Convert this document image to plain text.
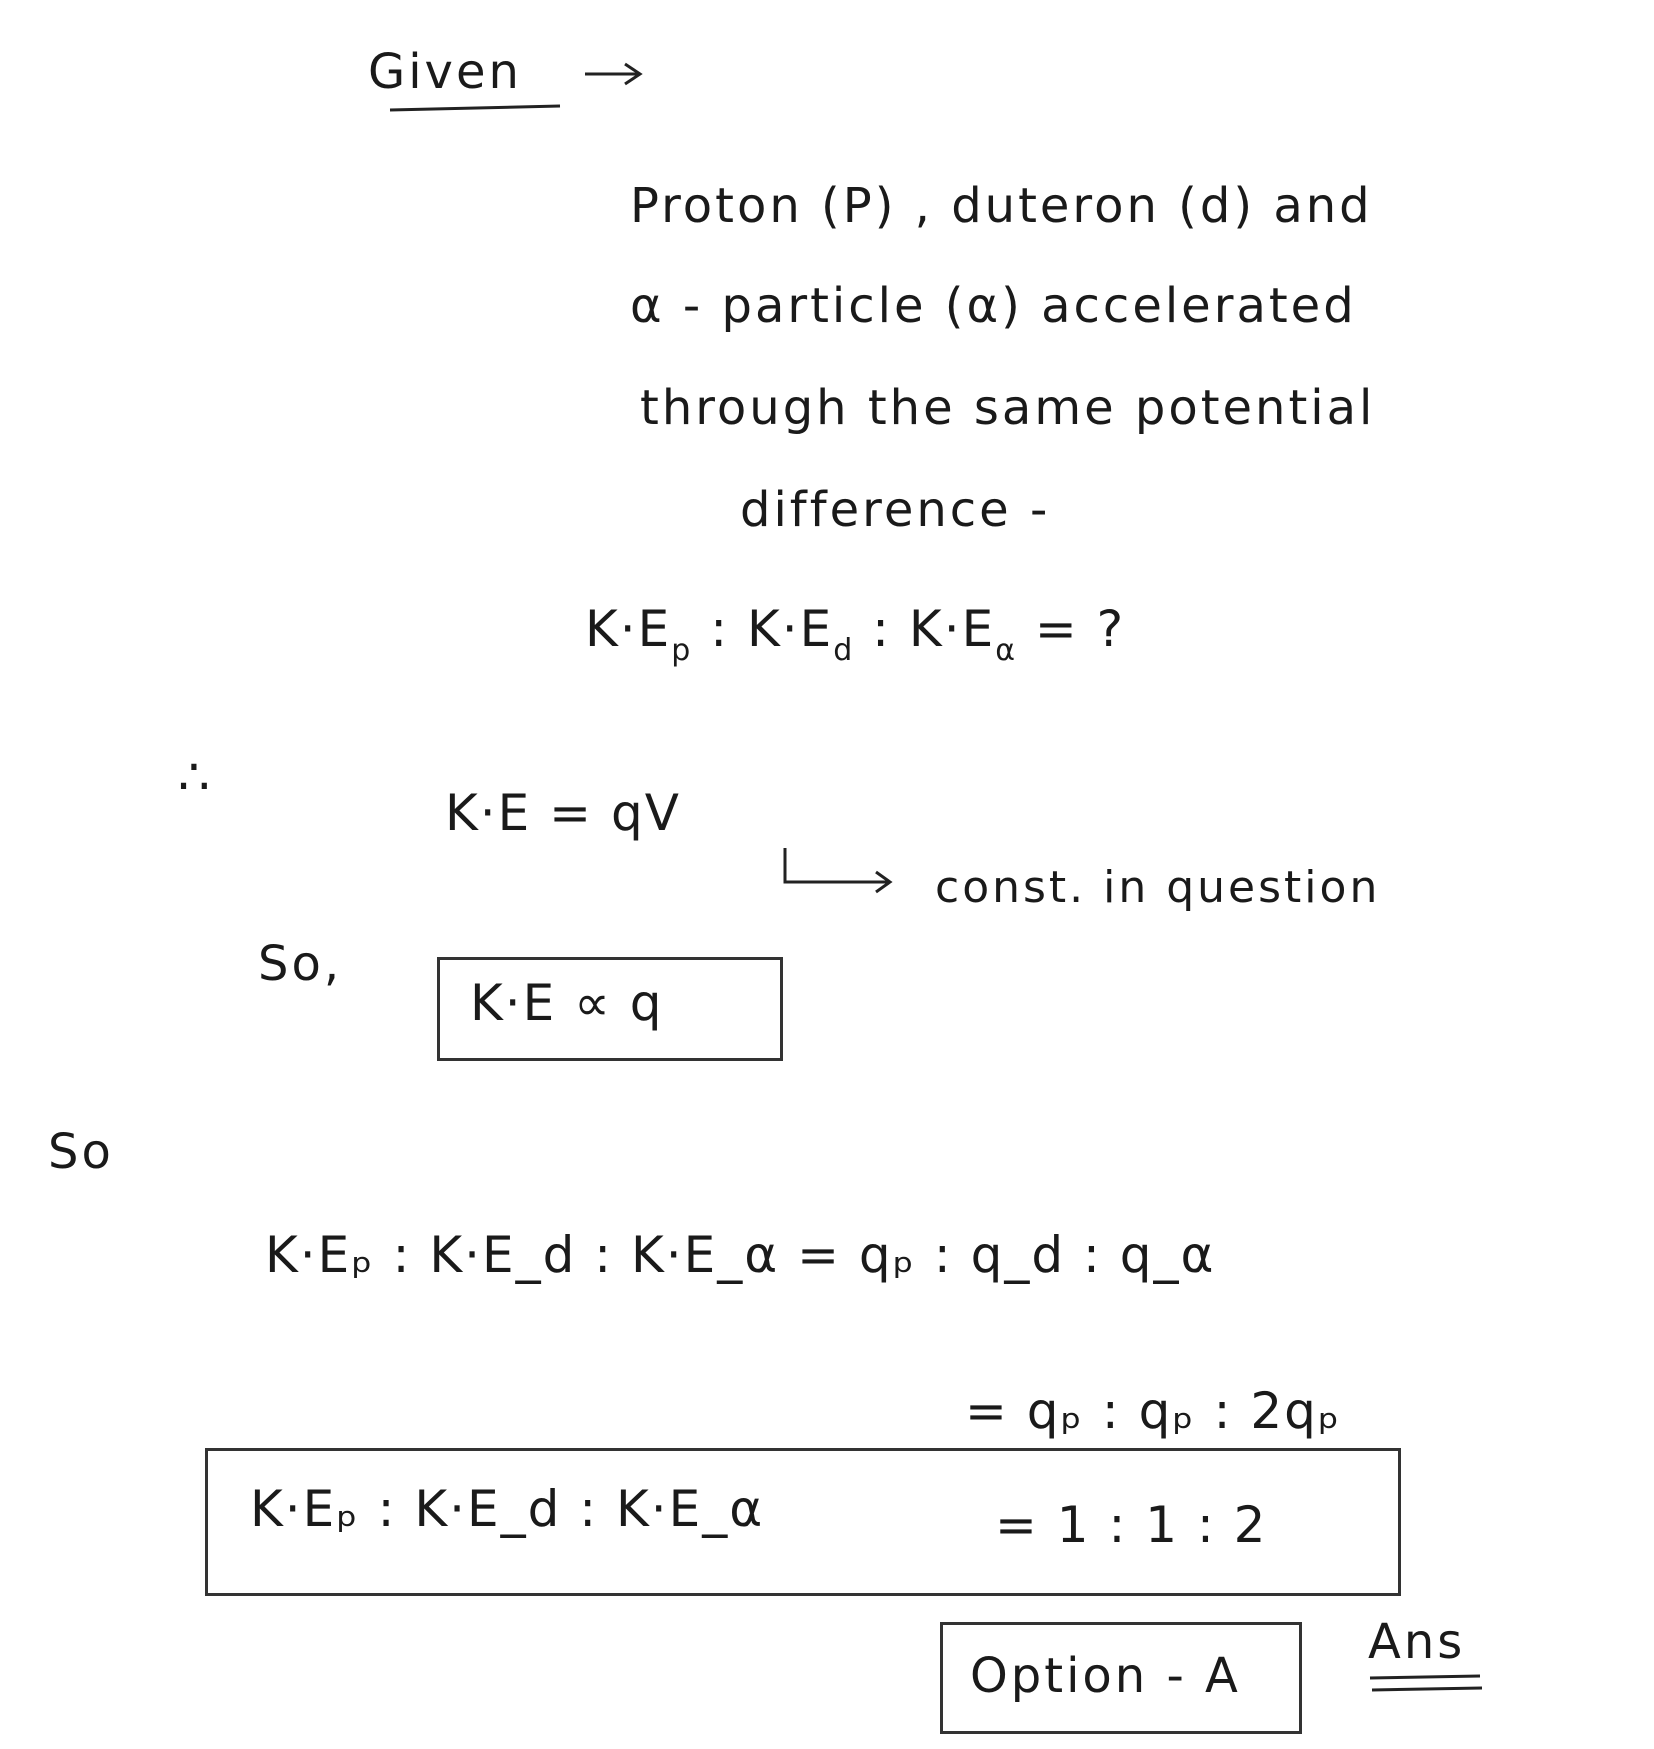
Given
Proton (P) , duteron (d) and
α - particle (α) accelerated
through the same potential
difference -
$K\cdot E_p$ : $K\cdot E_d$ : $K\cdot E_\alpha$ = ?
∴
K·E = qV
const. in question
So,
K·E ∝ q
So
K·Eₚ : K·E_d : K·E_α = qₚ : q_d : q_α
= qₚ : qₚ : 2qₚ
K·Eₚ : K·E_d : K·E_α	= 1 : 1 : 2
Option - A
Ans
